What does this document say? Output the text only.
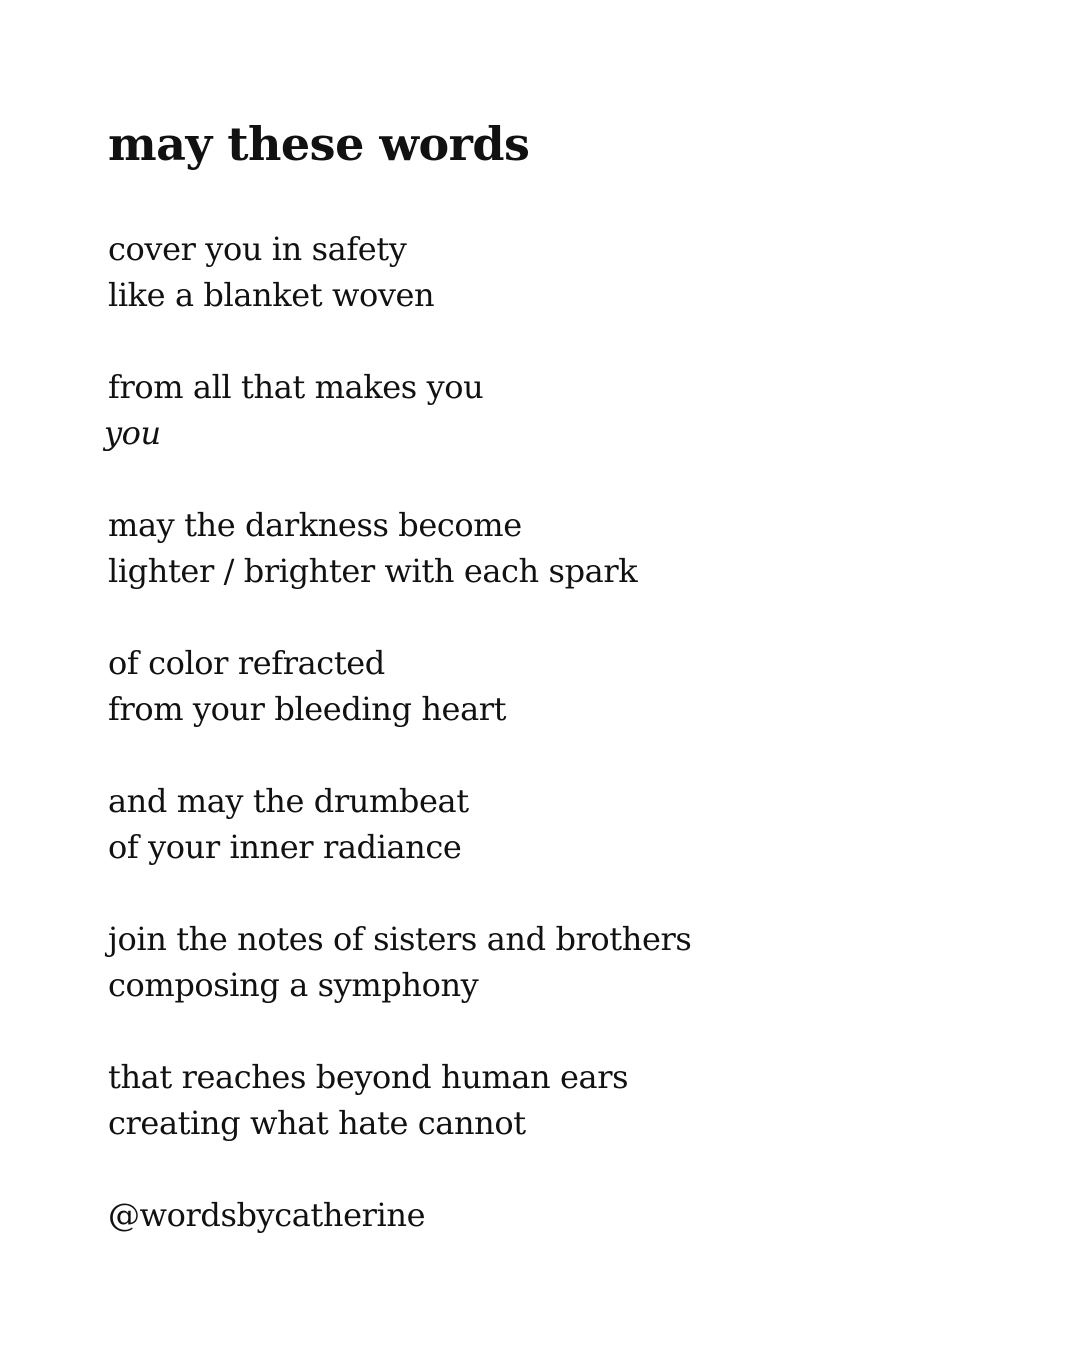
may these words
cover you in safety
like a blanket woven
from all that makes you
you
may the darkness become
lighter / brighter with each spark
of color refracted
from your bleeding heart
and may the drumbeat
of your inner radiance
join the notes of sisters and brothers
composing a symphony
that reaches beyond human ears
creating what hate cannot
@wordsbycatherine
